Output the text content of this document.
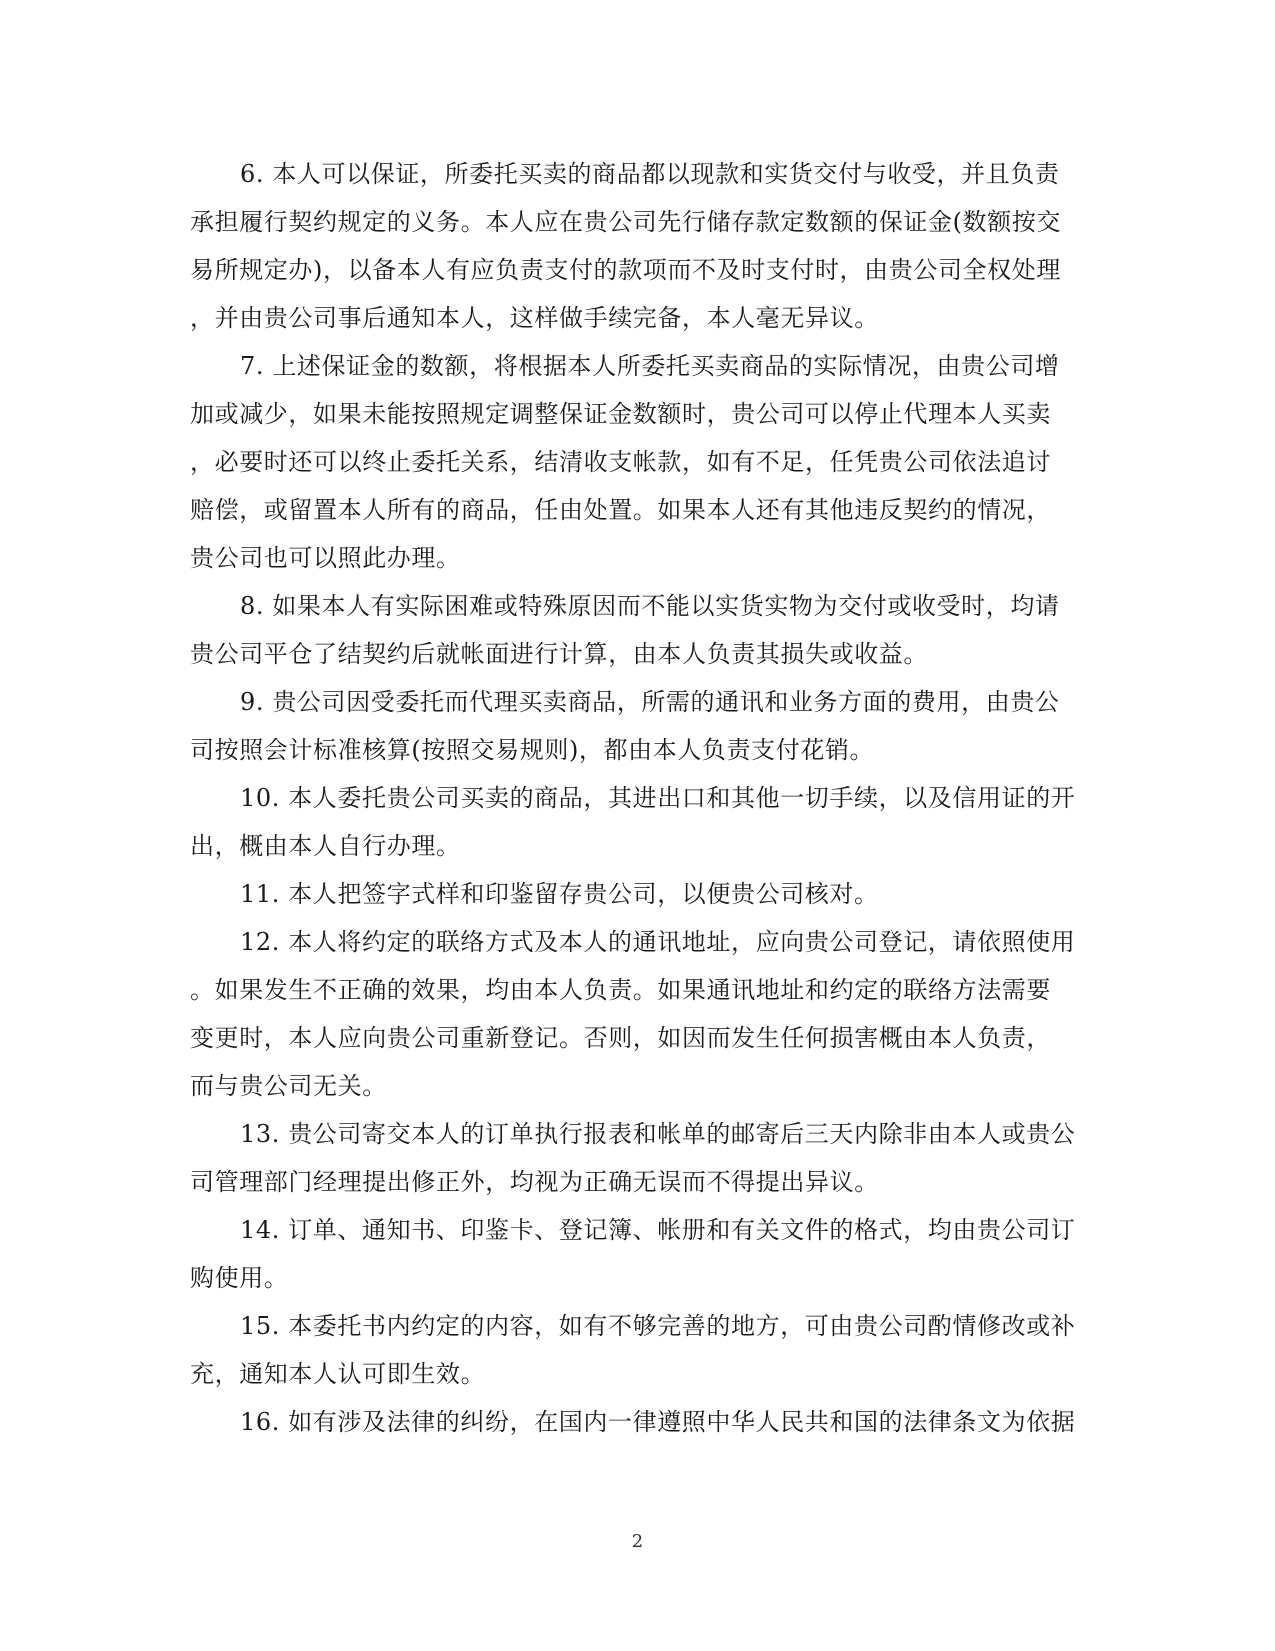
6. 本人可以保证，所委托买卖的商品都以现款和实货交付与收受，并且负责
承担履行契约规定的义务。本人应在贵公司先行储存款定数额的保证金(数额按交
易所规定办)，以备本人有应负责支付的款项而不及时支付时，由贵公司全权处理
，并由贵公司事后通知本人，这样做手续完备，本人毫无异议。
7. 上述保证金的数额，将根据本人所委托买卖商品的实际情况，由贵公司增
加或减少，如果未能按照规定调整保证金数额时，贵公司可以停止代理本人买卖
，必要时还可以终止委托关系，结清收支帐款，如有不足，任凭贵公司依法追讨
赔偿，或留置本人所有的商品，任由处置。如果本人还有其他违反契约的情况，
贵公司也可以照此办理。
8. 如果本人有实际困难或特殊原因而不能以实货实物为交付或收受时，均请
贵公司平仓了结契约后就帐面进行计算，由本人负责其损失或收益。
9. 贵公司因受委托而代理买卖商品，所需的通讯和业务方面的费用，由贵公
司按照会计标准核算(按照交易规则)，都由本人负责支付花销。
10. 本人委托贵公司买卖的商品，其进出口和其他一切手续，以及信用证的开
出，概由本人自行办理。
11. 本人把签字式样和印鉴留存贵公司，以便贵公司核对。
12. 本人将约定的联络方式及本人的通讯地址，应向贵公司登记，请依照使用
。如果发生不正确的效果，均由本人负责。如果通讯地址和约定的联络方法需要
变更时，本人应向贵公司重新登记。否则，如因而发生任何损害概由本人负责，
而与贵公司无关。
13. 贵公司寄交本人的订单执行报表和帐单的邮寄后三天内除非由本人或贵公
司管理部门经理提出修正外，均视为正确无误而不得提出异议。
14. 订单、通知书、印鉴卡、登记簿、帐册和有关文件的格式，均由贵公司订
购使用。
15. 本委托书内约定的内容，如有不够完善的地方，可由贵公司酌情修改或补
充，通知本人认可即生效。
16. 如有涉及法律的纠纷，在国内一律遵照中华人民共和国的法律条文为依据
2
